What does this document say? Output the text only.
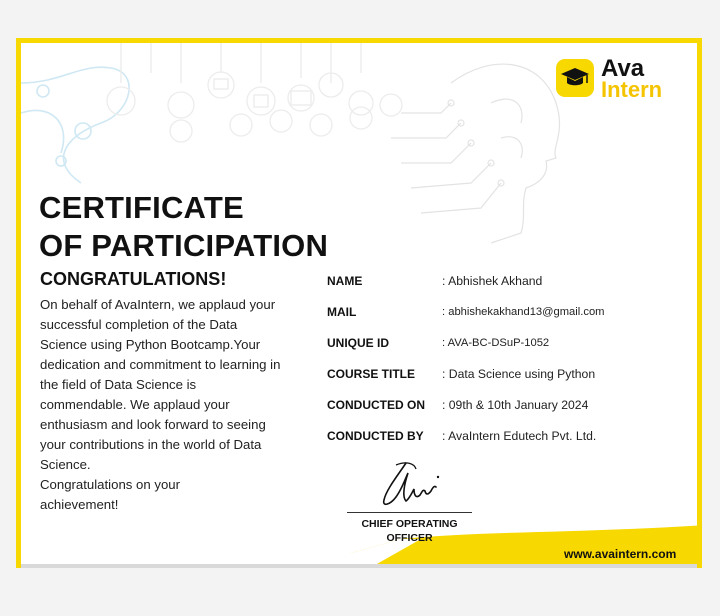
Ava
Intern
CERTIFICATE
OF PARTICIPATION

CONGRATULATIONS!

On behalf of AvaIntern, we applaud your successful completion of the Data Science using Python Bootcamp.Your dedication and commitment to learning in the field of Data Science is commendable. We applaud your enthusiasm and look forward to seeing your contributions in the world of Data Science.
Congratulations on your
achievement!
NAME	: Abhishek Akhand
MAIL	: abhishekakhand13@gmail.com
UNIQUE ID	: AVA-BC-DSuP-1052
COURSE TITLE	: Data Science using Python
CONDUCTED ON	: 09th & 10th January 2024
CONDUCTED BY	: AvaIntern Edutech Pvt. Ltd.
CHIEF OPERATING
OFFICER
www.avaintern.com
